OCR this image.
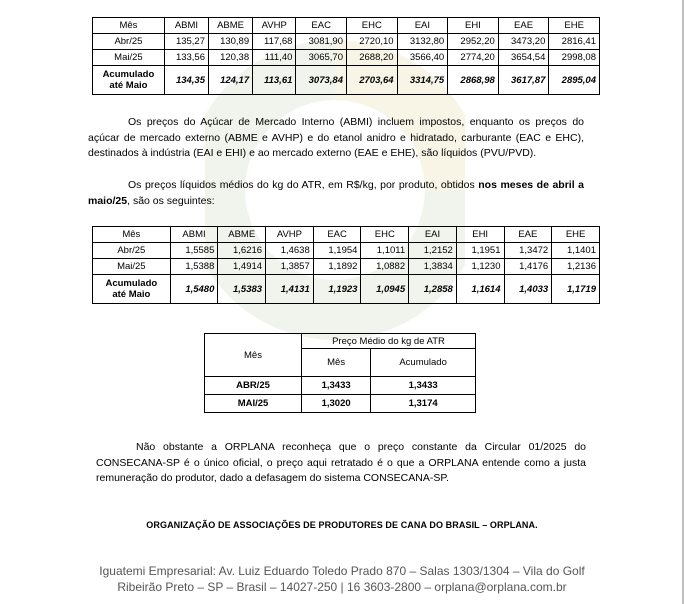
Mês	ABMI	ABME	AVHP	EAC	EHC	EAI	EHI	EAE	EHE
Abr/25	135,27	130,89	117,68	3081,90	2720,10	3132,80	2952,20	3473,20	2816,41
Mai/25	133,56	120,38	111,40	3065,70	2688,20	3566,40	2774,20	3654,54	2998,08

Acumulado
até Maio	134,35	124,17	113,61	3073,84	2703,64	3314,75	2868,98	3617,87	2895,04

Os preços do Açúcar de Mercado Interno (ABMI) incluem impostos, enquanto os preços do açúcar de mercado externo (ABME e AVHP) e do etanol anidro e hidratado, carburante (EAC e EHC), destinados à indústria (EAI e EHI) e ao mercado externo (EAE e EHE), são líquidos (PVU/PVD).

Os preços líquidos médios do kg do ATR, em R$/kg, por produto, obtidos nos meses de abril a maio/25, são os seguintes:

Mês	ABMI	ABME	AVHP	EAC	EHC	EAI	EHI	EAE	EHE
Abr/25	1,5585	1,6216	1,4638	1,1954	1,1011	1,2152	1,1951	1,3472	1,1401
Mai/25	1,5388	1,4914	1,3857	1,1892	1,0882	1,3834	1,1230	1,4176	1,2136

Acumulado
até Maio	1,5480	1,5383	1,4131	1,1923	1,0945	1,2858	1,1614	1,4033	1,1719
Mês	Preço Médio do kg de ATR	
	Mês	Acumulado
ABR/25	1,3433	1,3433
MAI/25	1,3020	1,3174

Não obstante a ORPLANA reconheça que o preço constante da Circular 01/2025 do CONSECANA-SP é o único oficial, o preço aqui retratado é o que a ORPLANA entende como a justa remuneração do produtor, dado a defasagem do sistema CONSECANA-SP.

ORGANIZAÇÃO DE ASSOCIAÇÕES DE PRODUTORES DE CANA DO BRASIL – ORPLANA.
Iguatemi Empresarial: Av. Luiz Eduardo Toledo Prado 870 – Salas 1303/1304 – Vila do Golf
Ribeirão Preto – SP – Brasil – 14027-250 | 16 3603-2800 – orplana@orplana.com.br
